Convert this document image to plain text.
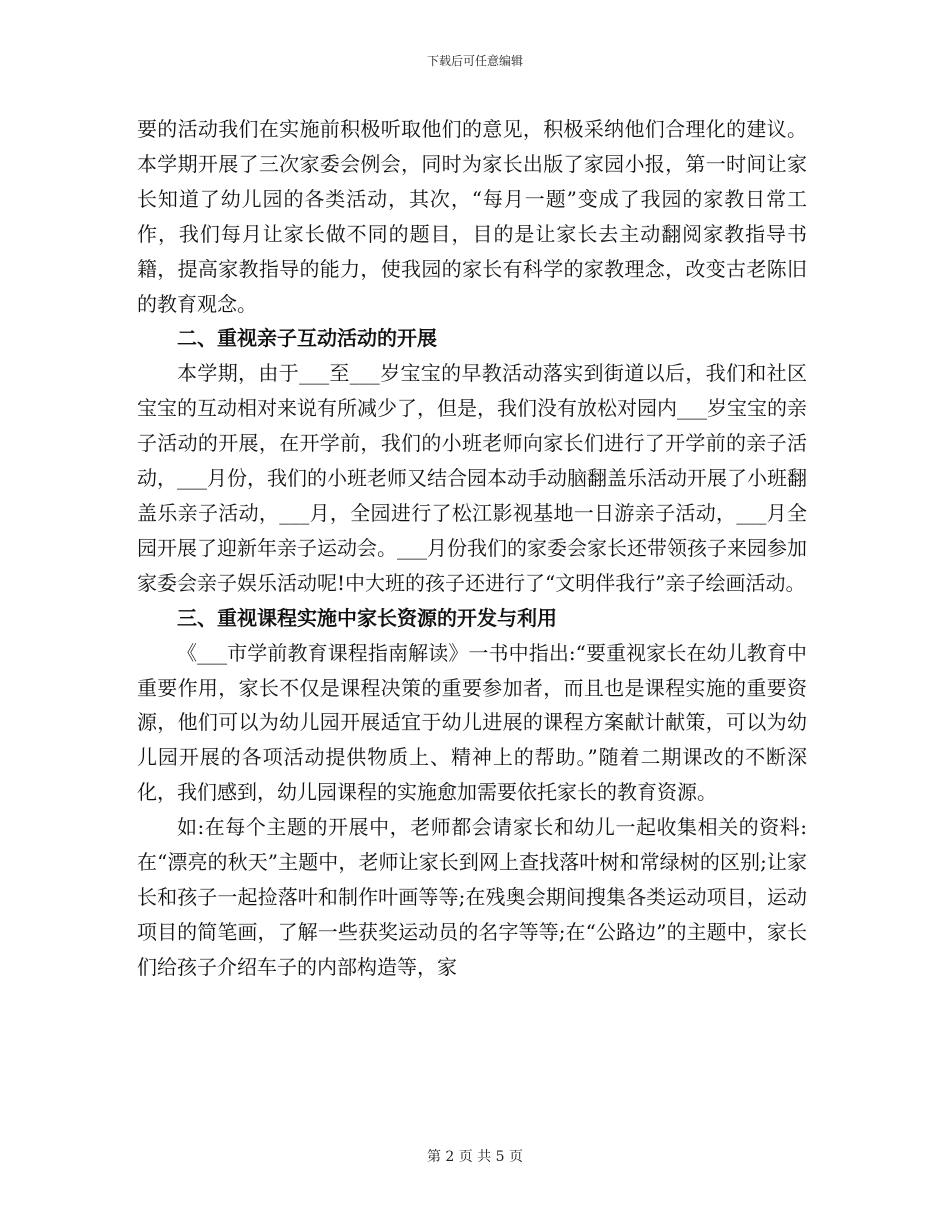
下载后可任意编辑

要的活动我们在实施前积极听取他们的意见，积极采纳他们合理化的建议。本学期开展了三次家委会例会，同时为家长出版了家园小报，第一时间让家长知道了幼儿园的各类活动，其次，“每月一题”变成了我园的家教日常工作，我们每月让家长做不同的题目，目的是让家长去主动翻阅家教指导书籍，提高家教指导的能力，使我园的家长有科学的家教理念，改变古老陈旧的教育观念。

二、重视亲子互动活动的开展

本学期，由于___至___岁宝宝的早教活动落实到街道以后，我们和社区宝宝的互动相对来说有所减少了，但是，我们没有放松对园内___岁宝宝的亲子活动的开展，在开学前，我们的小班老师向家长们进行了开学前的亲子活动，___月份，我们的小班老师又结合园本动手动脑翻盖乐活动开展了小班翻盖乐亲子活动，___月，全园进行了松江影视基地一日游亲子活动，___月全园开展了迎新年亲子运动会。___月份我们的家委会家长还带领孩子来园参加家委会亲子娱乐活动呢!中大班的孩子还进行了“文明伴我行”亲子绘画活动。

三、重视课程实施中家长资源的开发与利用

《___市学前教育课程指南解读》一书中指出:“要重视家长在幼儿教育中重要作用，家长不仅是课程决策的重要参加者，而且也是课程实施的重要资源，他们可以为幼儿园开展适宜于幼儿进展的课程方案献计献策，可以为幼儿园开展的各项活动提供物质上、精神上的帮助。”随着二期课改的不断深化，我们感到，幼儿园课程的实施愈加需要依托家长的教育资源。

如:在每个主题的开展中，老师都会请家长和幼儿一起收集相关的资料:在“漂亮的秋天”主题中，老师让家长到网上查找落叶树和常绿树的区别;让家长和孩子一起捡落叶和制作叶画等等;在残奥会期间搜集各类运动项目，运动项目的简笔画，了解一些获奖运动员的名字等等;在“公路边”的主题中，家长们给孩子介绍车子的内部构造等，家

第 2 页 共 5 页
